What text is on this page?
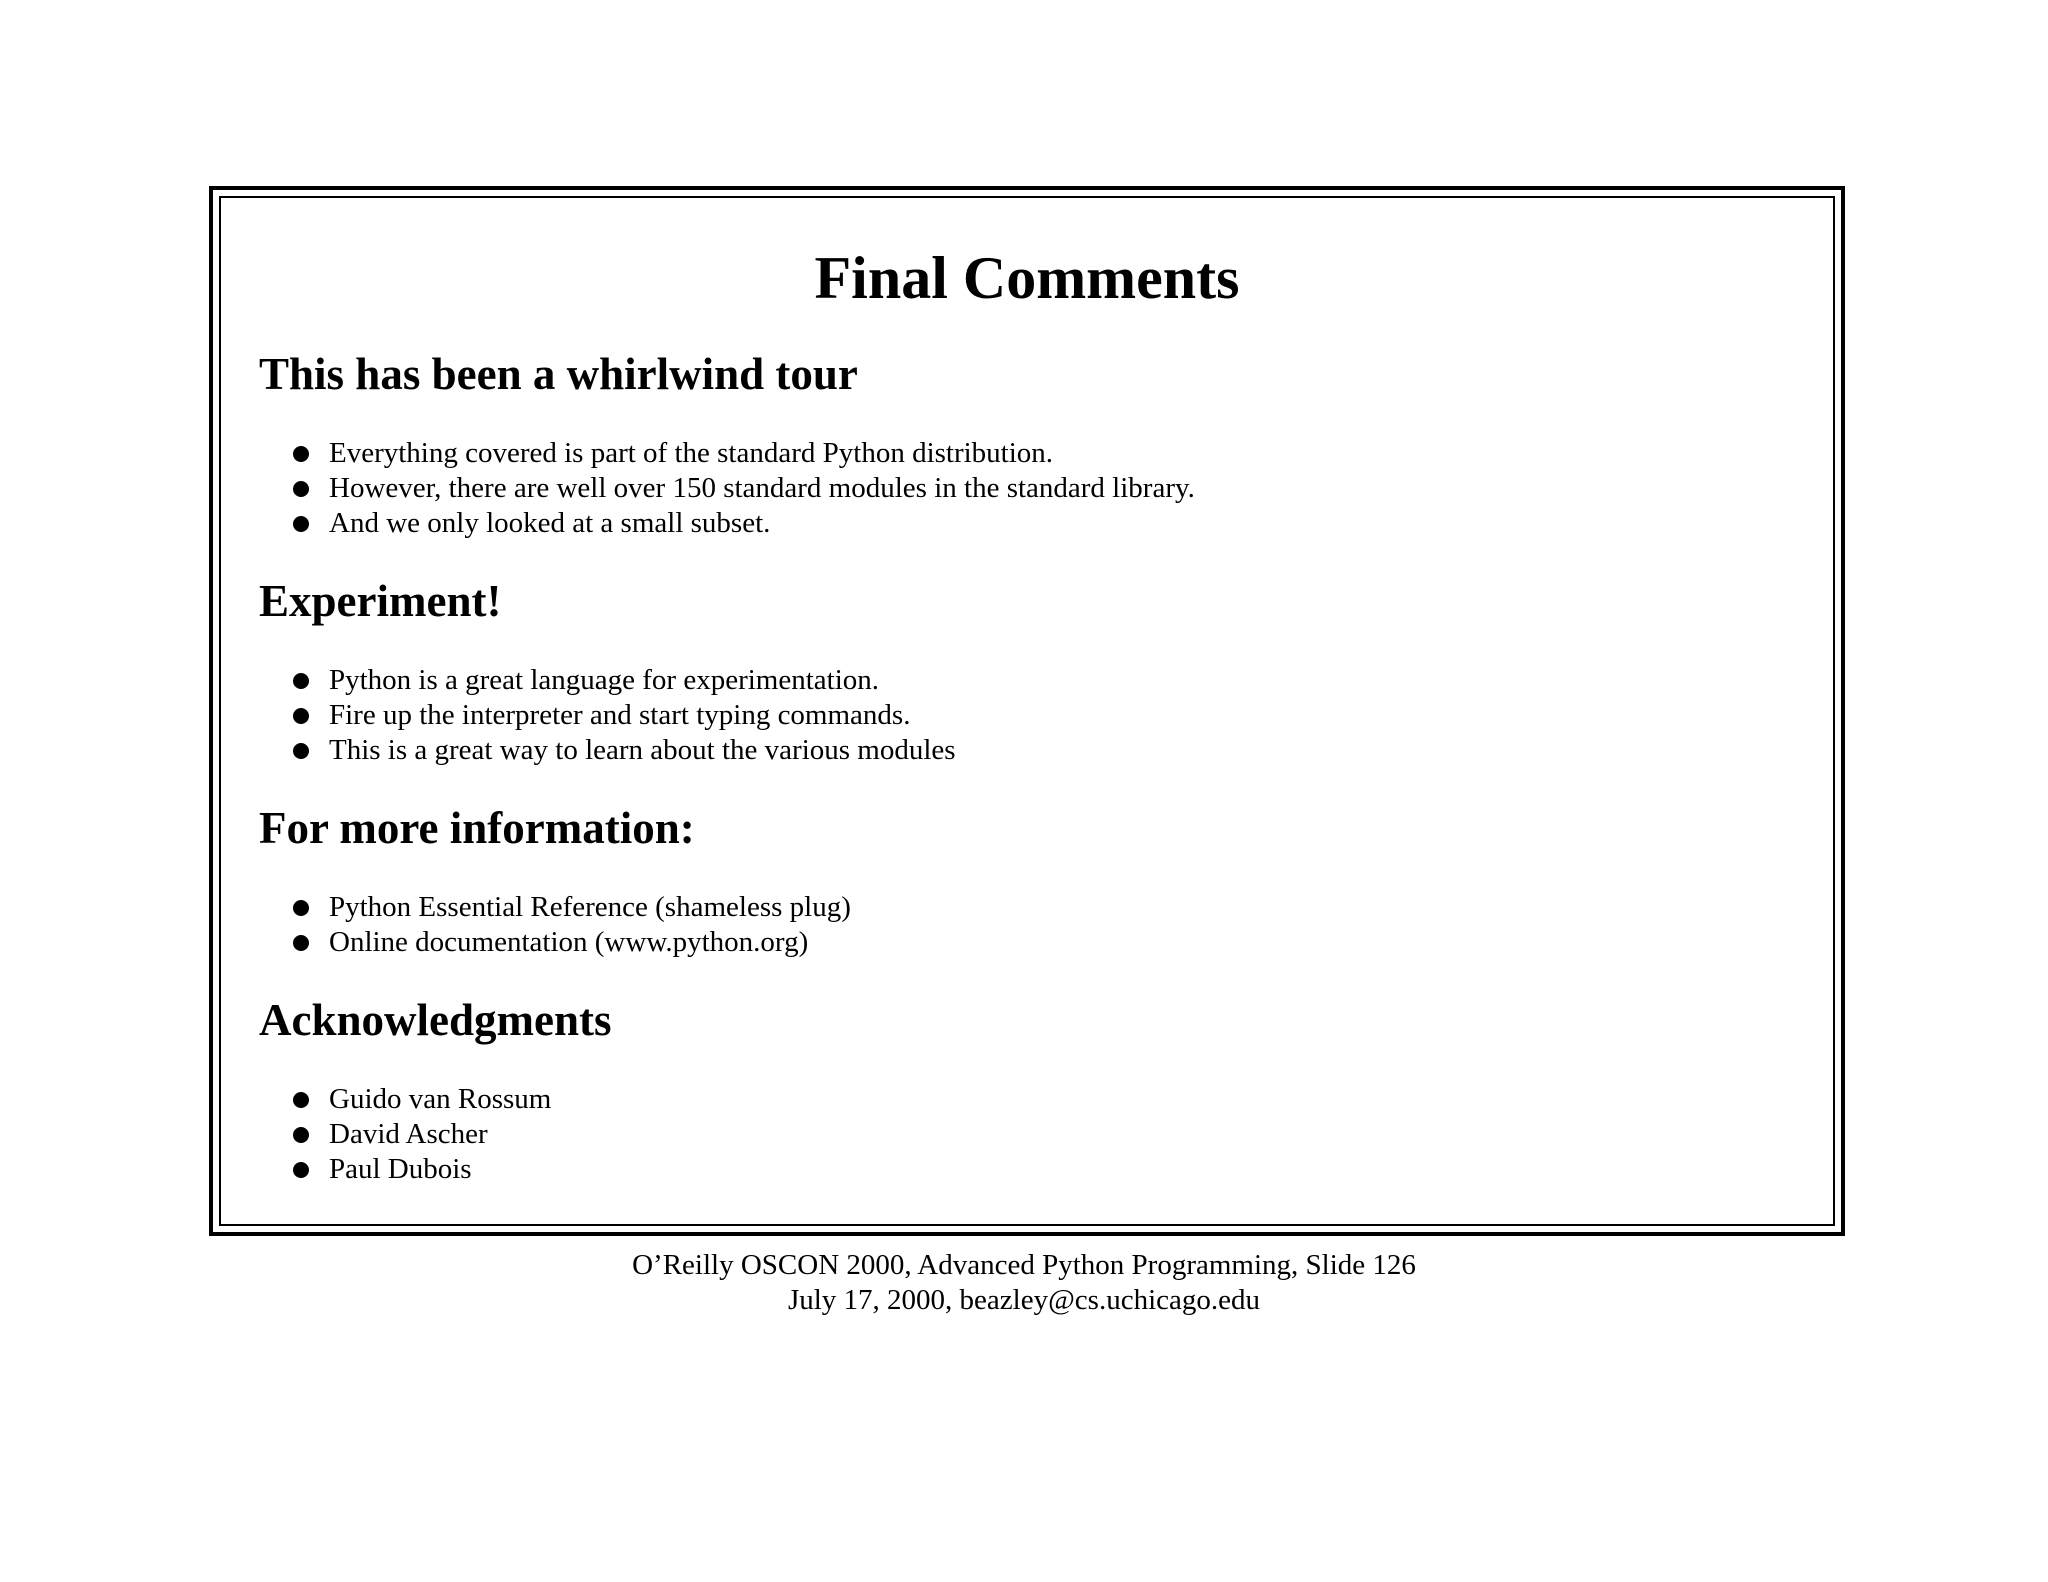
Final Comments
This has been a whirlwind tour
Everything covered is part of the standard Python distribution.
However, there are well over 150 standard modules in the standard library.
And we only looked at a small subset.
Experiment!
Python is a great language for experimentation.
Fire up the interpreter and start typing commands.
This is a great way to learn about the various modules
For more information:
Python Essential Reference (shameless plug)
Online documentation (www.python.org)
Acknowledgments
Guido van Rossum
David Ascher
Paul Dubois
O’Reilly OSCON 2000, Advanced Python Programming, Slide 126
July 17, 2000, beazley@cs.uchicago.edu
